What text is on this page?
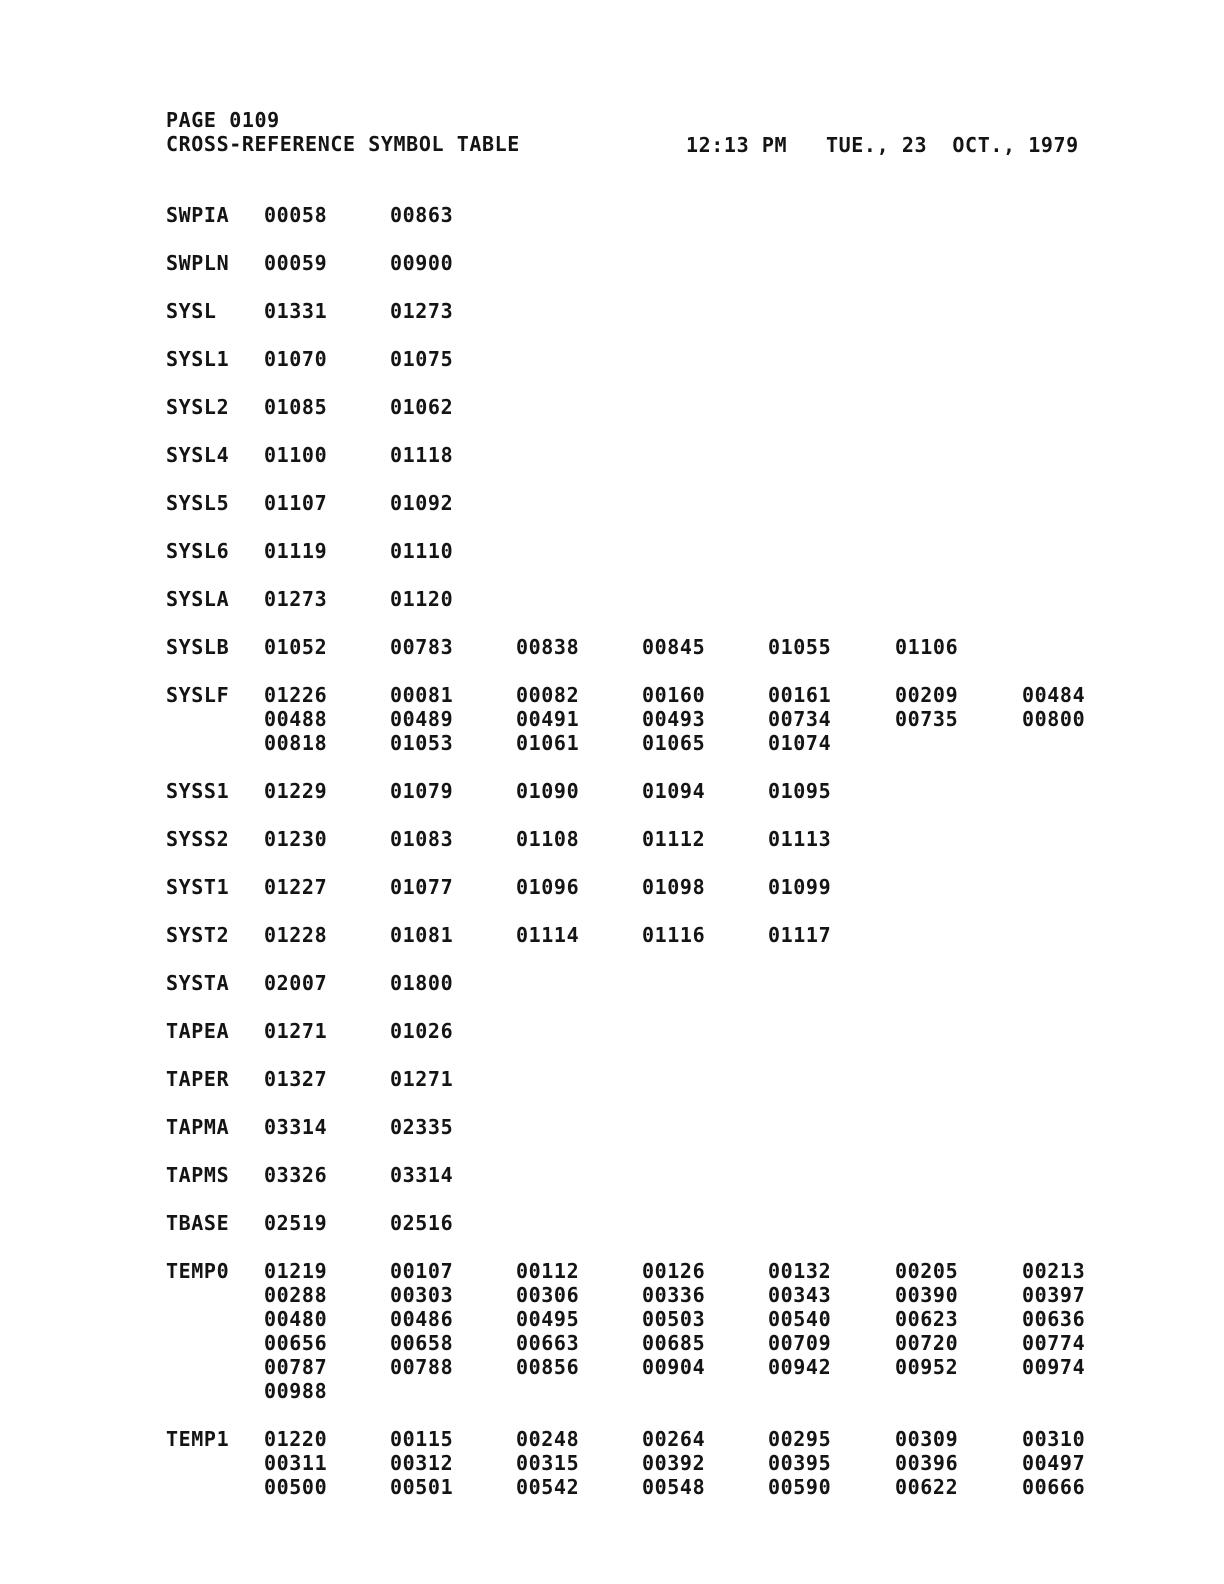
PAGE 0109
CROSS-REFERENCE SYMBOL TABLE	12:13 PM TUE., 23  OCT., 1979
SWPIA 00058	00863
SWPLN 00059	00900
SYSL 01331	01273
SYSL1 01070	01075
SYSL2 01085	01062
SYSL4 01100	01118
SYSL5 01107	01092
SYSL6 01119	01110
SYSLA 01273	01120
SYSLB 01052	00783	00838	00845	01055	01106
SYSLF 01226	00081	00082	00160	00161	00209	00484
00488	00489	00491	00493	00734	00735	00800
00818	01053	01061	01065	01074
SYSS1 01229	01079	01090	01094	01095
SYSS2 01230	01083	01108	01112	01113
SYST1 01227	01077	01096	01098	01099
SYST2 01228	01081	01114	01116	01117
SYSTA 02007	01800
TAPEA 01271	01026
TAPER 01327	01271
TAPMA 03314	02335
TAPMS 03326	03314
TBASE 02519	02516
TEMP0 01219	00107	00112	00126	00132	00205	00213
00288	00303	00306	00336	00343	00390	00397
00480	00486	00495	00503	00540	00623	00636
00656	00658	00663	00685	00709	00720	00774
00787	00788	00856	00904	00942	00952	00974
00988
TEMP1 01220	00115	00248	00264	00295	00309	00310
00311	00312	00315	00392	00395	00396	00497
00500	00501	00542	00548	00590	00622	00666
